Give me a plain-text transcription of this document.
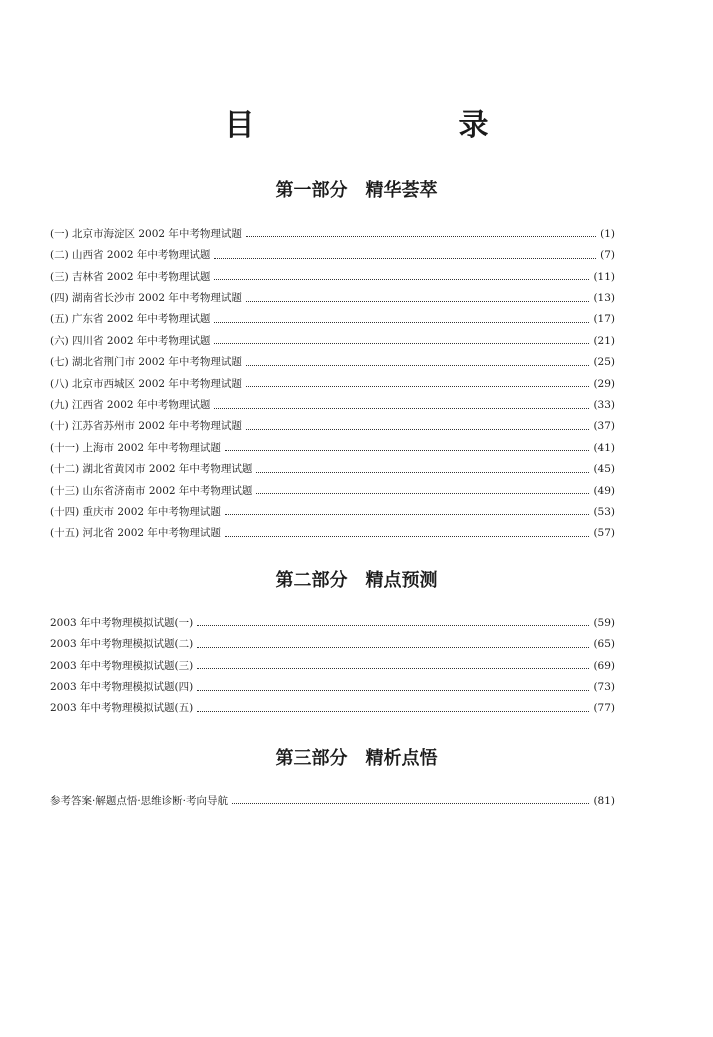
目　　录
第一部分　精华荟萃
(一) 北京市海淀区 2002 年中考物理试题	(1)
(二) 山西省 2002 年中考物理试题	(7)
(三) 吉林省 2002 年中考物理试题	(11)
(四) 湖南省长沙市 2002 年中考物理试题	(13)
(五) 广东省 2002 年中考物理试题	(17)
(六) 四川省 2002 年中考物理试题	(21)
(七) 湖北省荆门市 2002 年中考物理试题	(25)
(八) 北京市西城区 2002 年中考物理试题	(29)
(九) 江西省 2002 年中考物理试题	(33)
(十) 江苏省苏州市 2002 年中考物理试题	(37)
(十一) 上海市 2002 年中考物理试题	(41)
(十二) 湖北省黄冈市 2002 年中考物理试题	(45)
(十三) 山东省济南市 2002 年中考物理试题	(49)
(十四) 重庆市 2002 年中考物理试题	(53)
(十五) 河北省 2002 年中考物理试题	(57)
第二部分　精点预测
2003 年中考物理模拟试题(一)	(59)
2003 年中考物理模拟试题(二)	(65)
2003 年中考物理模拟试题(三)	(69)
2003 年中考物理模拟试题(四)	(73)
2003 年中考物理模拟试题(五)	(77)
第三部分　精析点悟
参考答案·解题点悟·思维诊断·考向导航	(81)
